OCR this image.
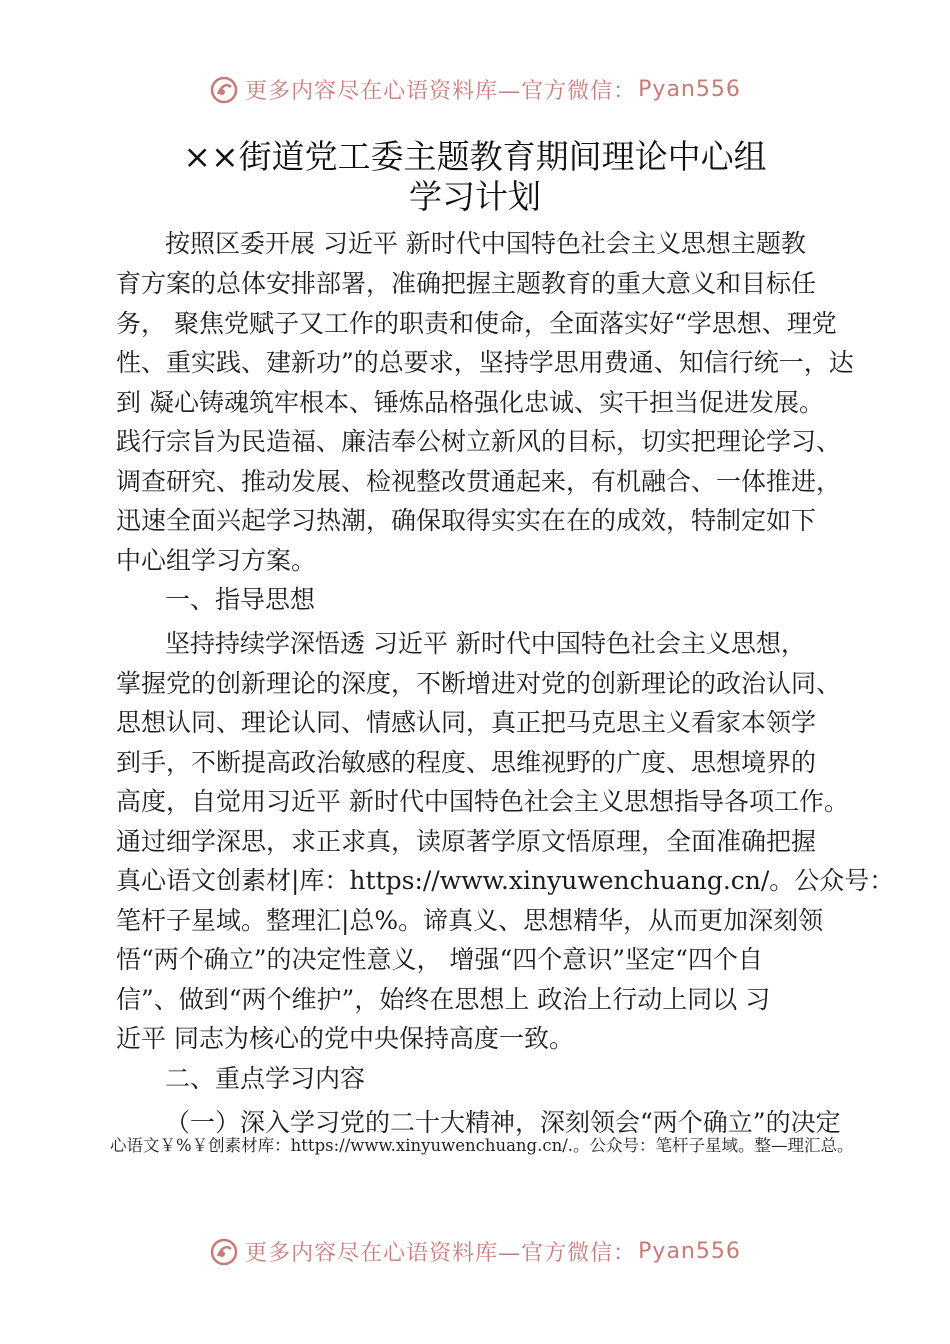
更多内容尽在心语资料库—官方微信： Pyan556
××街道党工委主题教育期间理论中心组
学习计划
按照区委开展 习近平 新时代中国特色社会主义思想主题教
育方案的总体安排部署，准确把握主题教育的重大意义和目标任
务， 聚焦党赋子又工作的职责和使命，全面落实好“学思想、理党
性、重实践、建新功”的总要求，坚持学思用费通、知信行统一，达
到 凝心铸魂筑牢根本、锤炼品格强化忠诚、实干担当促进发展。
践行宗旨为民造福、廉洁奉公树立新风的目标，切实把理论学习、
调查研究、推动发展、检视整改贯通起来，有机融合、一体推进，
迅速全面兴起学习热潮，确保取得实实在在的成效，特制定如下
中心组学习方案。
一、指导思想
坚持持续学深悟透 习近平 新时代中国特色社会主义思想，
掌握党的创新理论的深度，不断增进对党的创新理论的政治认同、
思想认同、理论认同、情感认同，真正把马克思主义看家本领学
到手，不断提高政治敏感的程度、思维视野的广度、思想境界的
高度，自觉用习近平 新时代中国特色社会主义思想指导各项工作。
通过细学深思，求正求真，读原著学原文悟原理，全面准确把握
真心语文创素材|库：https://www.xinyuwenchuang.cn/。公众号：
笔杆子星域。整理汇|总%。谛真义、思想精华，从而更加深刻领
悟“两个确立”的决定性意义， 增强“四个意识”坚定“四个自
信”、做到“两个维护”，始终在思想上 政治上行动上同以 习
近平 同志为核心的党中央保持高度一致。
二、重点学习内容
（一）深入学习党的二十大精神，深刻领会“两个确立”的决定
心语文￥%￥创素材库：https://www.xinyuwenchuang.cn/.。公众号：笔杆子星域。整—理汇总。
更多内容尽在心语资料库—官方微信： Pyan556
